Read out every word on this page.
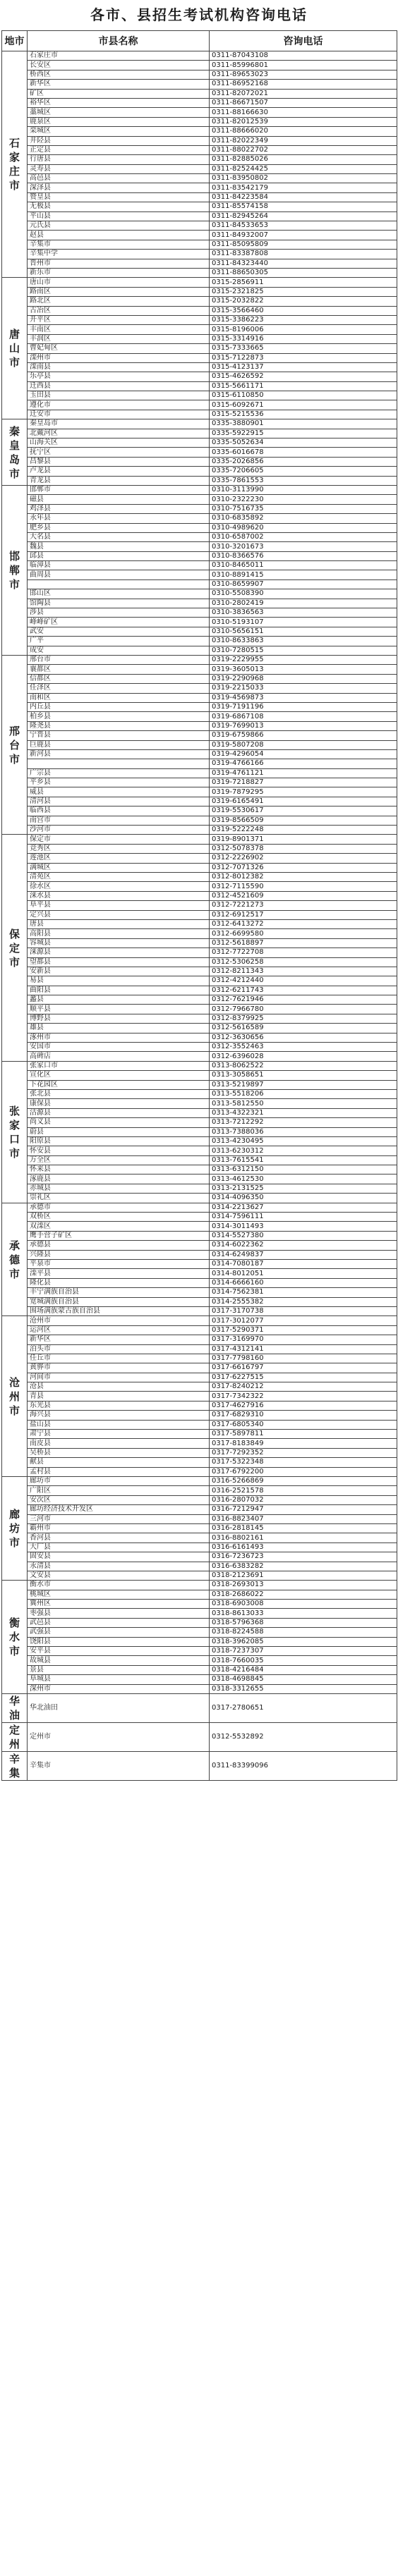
各市、县招生考试机构咨询电话
地市	市县名称	咨询电话
石家庄市	石家庄市	0311-87043108
	长安区	0311-85996801
	桥西区	0311-89653023
	新华区	0311-86952168
	矿区	0311-82072021
	裕华区	0311-86671507
	藁城区	0311-88166630
	鹿泉区	0311-82012539
	栾城区	0311-88666020
	井陉县	0311-82022349
	正定县	0311-88022702
	行唐县	0311-82885026
	灵寿县	0311-82524425
	高邑县	0311-83950802
	深泽县	0311-83542179
	赞皇县	0311-84223584
	无极县	0311-85574158
	平山县	0311-82945264
	元氏县	0311-84533653
	赵县	0311-84932007
	辛集市	0311-85095809
	辛集中学	0311-83387808
	晋州市	0311-84323440
	新乐市	0311-88650305
唐山市	唐山市	0315-2856911
	路南区	0315-2321825
	路北区	0315-2032822
	古冶区	0315-3566460
	开平区	0315-3386223
	丰南区	0315-8196006
	丰润区	0315-3314916
	曹妃甸区	0315-7333665
	滦州市	0315-7122873
	滦南县	0315-4123137
	乐亭县	0315-4626592
	迁西县	0315-5661171
	玉田县	0315-6110850
	遵化市	0315-6092671
	迁安市	0315-5215536
秦皇岛市	秦皇岛市	0335-3880901
	北戴河区	0335-5922915
	山海关区	0335-5052634
	抚宁区	0335-6016678
	昌黎县	0335-2026856
	卢龙县	0335-7206605
	青龙县	0335-7861553
邯郸市	邯郸市	0310-3113990
	磁县	0310-2322230
	鸡泽县	0310-7516735
	永年县	0310-6835892
	肥乡县	0310-4989620
	大名县	0310-6587002
	魏县	0310-3201673
	邱县	0310-8366576
	临漳县	0310-8465011
	曲周县	0310-8891415
		0310-8659907
	邯山区	0310-5508390
	馆陶县	0310-2802419
	涉县	0310-3836563
	峰峰矿区	0310-5193107
	武安	0310-5656151
	广平	0310-8633863
	成安	0310-7280515
邢台市	邢台市	0319-2229955
	襄都区	0319-3605013
	信都区	0319-2290968
	任泽区	0319-2215033
	南和区	0319-4569873
	内丘县	0319-7191196
	柏乡县	0319-6867108
	隆尧县	0319-7699013
	宁晋县	0319-6759866
	巨鹿县	0319-5807208
	新河县	0319-4296054
		0319-4766166
	广宗县	0319-4761121
	平乡县	0319-7218827
	威县	0319-7879295
	清河县	0319-6165491
	临西县	0319-5530617
	南宫市	0319-8566509
	沙河市	0319-5222248
保定市	保定市	0319-8901371
	竞秀区	0312-5078378
	莲池区	0312-2226902
	满城区	0312-7071326
	清苑区	0312-8012382
	徐水区	0312-7115590
	涞水县	0312-4521609
	阜平县	0312-7221273
	定兴县	0312-6912517
	唐县	0312-6413272
	高阳县	0312-6699580
	容城县	0312-5618897
	涞源县	0312-7722708
	望都县	0312-5306258
	安新县	0312-8211343
	易县	0312-4212440
	曲阳县	0312-6211743
	蠡县	0312-7621946
	顺平县	0312-7966780
	博野县	0312-8379925
	雄县	0312-5616589
	涿州市	0312-3630656
	安国市	0312-3552463
	高碑店	0312-6396028
张家口市	张家口市	0313-8062522
	宣化区	0313-3058651
	下花园区	0313-5219897
	张北县	0313-5518206
	康保县	0313-5812550
	沽源县	0313-4322321
	尚义县	0313-7212292
	蔚县	0313-7388036
	阳原县	0313-4230495
	怀安县	0313-6230312
	万全区	0313-7615541
	怀来县	0313-6312150
	涿鹿县	0313-4612530
	赤城县	0313-2131525
	崇礼区	0314-4096350
承德市	承德市	0314-2213627
	双桥区	0314-7596111
	双滦区	0314-3011493
	鹰手营子矿区	0314-5527380
	承德县	0314-6022362
	兴隆县	0314-6249837
	平泉市	0314-7080187
	滦平县	0314-8012051
	隆化县	0314-6666160
	丰宁满族自治县	0314-7562381
	宽城满族自治县	0314-2555382
	围场满族蒙古族自治县	0317-3170738
沧州市	沧州市	0317-3012077
	运河区	0317-5290371
	新华区	0317-3169970
	泊头市	0317-4312141
	任丘市	0317-7798160
	黄骅市	0317-6616797
	河间市	0317-6227515
	沧县	0317-8240212
	青县	0317-7342322
	东光县	0317-4627916
	海兴县	0317-6829310
	盐山县	0317-6805340
	肃宁县	0317-5897811
	南皮县	0317-8183849
	吴桥县	0317-7292352
	献县	0317-5322348
	孟村县	0317-6792200
廊坊市	廊坊市	0316-5266869
	广阳区	0316-2521578
	安次区	0316-2807032
	廊坊经济技术开发区	0316-7212947
	三河市	0316-8823407
	霸州市	0316-2818145
	香河县	0316-8802161
	大厂县	0316-6161493
	固安县	0316-7236723
	永清县	0316-6383282
	文安县	0318-2123691
衡水市	衡水市	0318-2693013
	桃城区	0318-2686022
	冀州区	0318-6903008
	枣强县	0318-8613033
	武邑县	0318-5796368
	武强县	0318-8224588
	饶阳县	0318-3962085
	安平县	0318-7237307
	故城县	0318-7660035
	景县	0318-4216484
	阜城县	0318-4698845
	深州市	0318-3312655
华油	华北油田	0317-2780651
定州	定州市	0312-5532892
辛集	辛集市	0311-83399096
